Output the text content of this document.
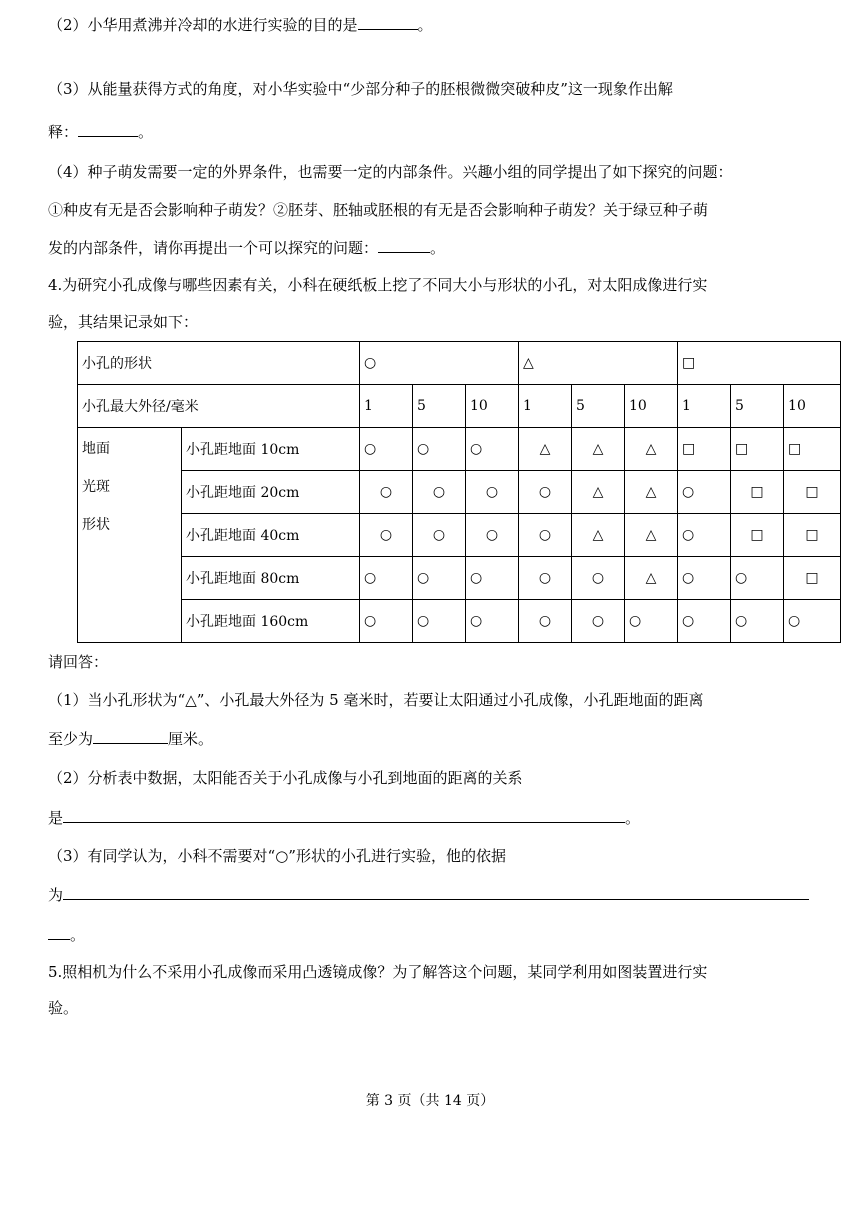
（2）小华用煮沸并冷却的水进行实验的目的是	。
（3）从能量获得方式的角度，对小华实验中“少部分种子的胚根微微突破种皮”这一现象作出解
释：	。
（4）种子萌发需要一定的外界条件，也需要一定的内部条件。兴趣小组的同学提出了如下探究的问题：
①种皮有无是否会影响种子萌发？②胚芽、胚轴或胚根的有无是否会影响种子萌发？关于绿豆种子萌
发的内部条件，请你再提出一个可以探究的问题：	。
4.为研究小孔成像与哪些因素有关，小科在硬纸板上挖了不同大小与形状的小孔，对太阳成像进行实
验，其结果记录如下：
小孔的形状		○			△			□		
小孔最大外径/毫米		1	5	10	1	5	10	1	5	10

地面
光斑
形状	小孔距地面 10cm	○	○	○	△	△	△	□	□	□
	小孔距地面 20cm	○	○	○	○	△	△	○	□	□
	小孔距地面 40cm	○	○	○	○	△	△	○	□	□
	小孔距地面 80cm	○	○	○	○	○	△	○	○	□
	小孔距地面 160cm	○	○	○	○	○	○	○	○	○
请回答：
（1）当小孔形状为“△”、小孔最大外径为 5 毫米时，若要让太阳通过小孔成像，小孔距地面的距离
至少为	厘米。
（2）分析表中数据，太阳能否关于小孔成像与小孔到地面的距离的关系
是	。
（3）有同学认为，小科不需要对“○”形状的小孔进行实验，他的依据
为
。
5.照相机为什么不采用小孔成像而采用凸透镜成像？为了解答这个问题，某同学利用如图装置进行实
验。
第 3 页（共 14 页）
